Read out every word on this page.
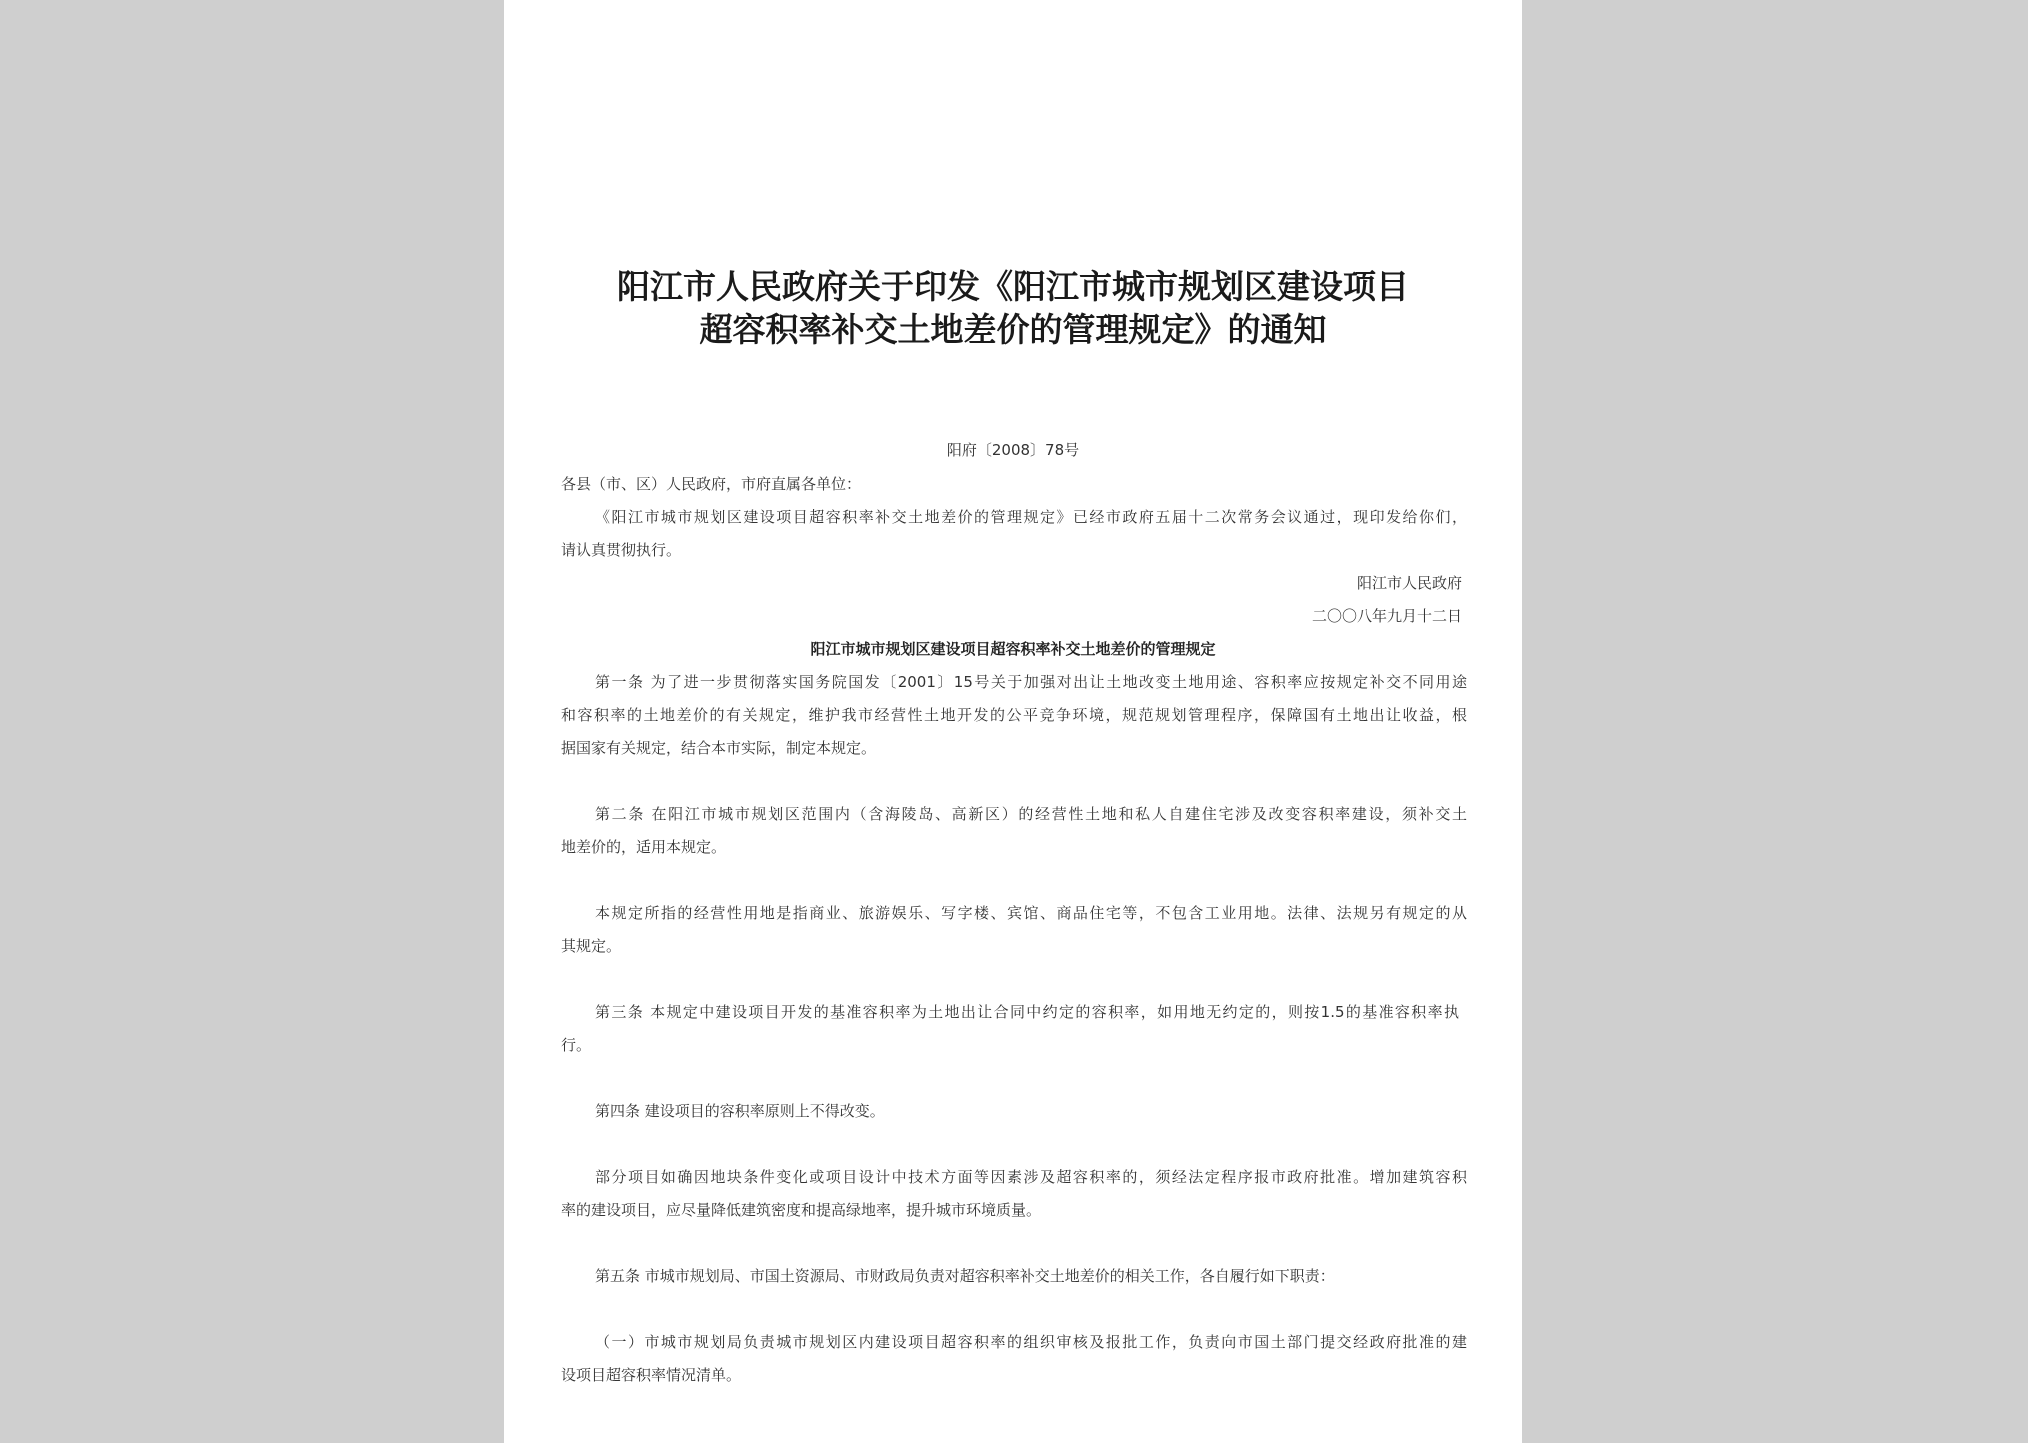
阳江市人民政府关于印发《阳江市城市规划区建设项目
超容积率补交土地差价的管理规定》的通知
阳府〔2008〕78号
各县（市、区）人民政府，市府直属各单位：
《阳江市城市规划区建设项目超容积率补交土地差价的管理规定》已经市政府五届十二次常务会议通过，现印发给你们，
请认真贯彻执行。
阳江市人民政府
二〇〇八年九月十二日
阳江市城市规划区建设项目超容积率补交土地差价的管理规定
第一条 为了进一步贯彻落实国务院国发〔2001〕15号关于加强对出让土地改变土地用途、容积率应按规定补交不同用途
和容积率的土地差价的有关规定，维护我市经营性土地开发的公平竞争环境，规范规划管理程序，保障国有土地出让收益，根
据国家有关规定，结合本市实际，制定本规定。
第二条 在阳江市城市规划区范围内（含海陵岛、高新区）的经营性土地和私人自建住宅涉及改变容积率建设，须补交土
地差价的，适用本规定。
本规定所指的经营性用地是指商业、旅游娱乐、写字楼、宾馆、商品住宅等，不包含工业用地。法律、法规另有规定的从
其规定。
第三条 本规定中建设项目开发的基准容积率为土地出让合同中约定的容积率，如用地无约定的，则按1.5的基准容积率执
行。
第四条 建设项目的容积率原则上不得改变。
部分项目如确因地块条件变化或项目设计中技术方面等因素涉及超容积率的，须经法定程序报市政府批准。增加建筑容积
率的建设项目，应尽量降低建筑密度和提高绿地率，提升城市环境质量。
第五条 市城市规划局、市国土资源局、市财政局负责对超容积率补交土地差价的相关工作，各自履行如下职责：
（一）市城市规划局负责城市规划区内建设项目超容积率的组织审核及报批工作，负责向市国土部门提交经政府批准的建
设项目超容积率情况清单。
